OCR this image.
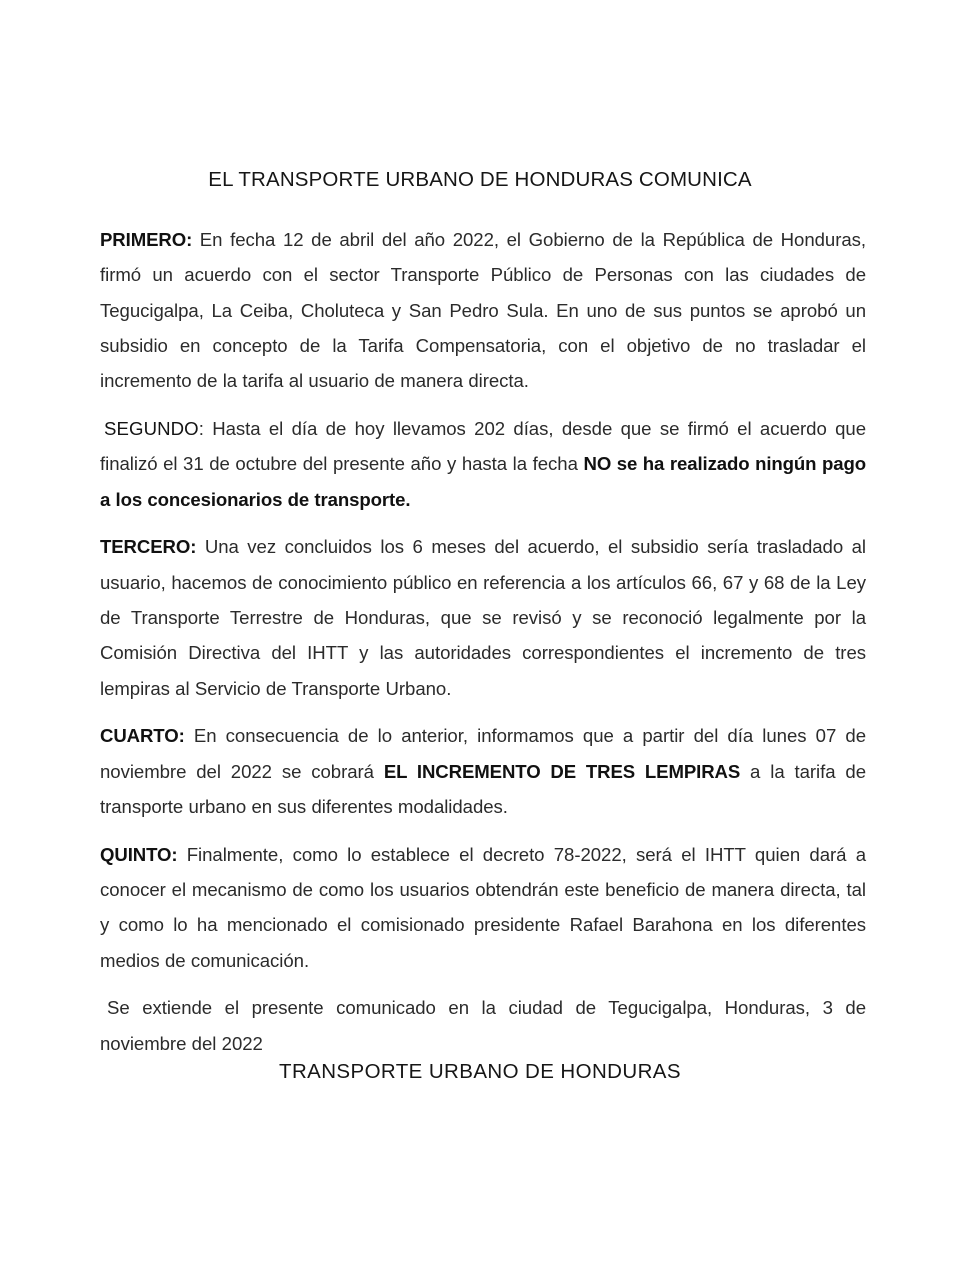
EL TRANSPORTE URBANO DE HONDURAS COMUNICA

PRIMERO: En fecha 12 de abril del año 2022, el Gobierno de la República de Honduras, firmó un acuerdo con el sector Transporte Público de Personas con las ciudades de Tegucigalpa, La Ceiba, Choluteca y San Pedro Sula. En uno de sus puntos se aprobó un subsidio en concepto de la Tarifa Compensatoria, con el objetivo de no trasladar el incremento de la tarifa al usuario de manera directa.

SEGUNDO: Hasta el día de hoy llevamos 202 días, desde que se firmó el acuerdo que finalizó el 31 de octubre del presente año y hasta la fecha NO se ha realizado ningún pago a los concesionarios de transporte.

TERCERO: Una vez concluidos los 6 meses del acuerdo, el subsidio sería trasladado al usuario, hacemos de conocimiento público en referencia a los artículos 66, 67 y 68 de la Ley de Transporte Terrestre de Honduras, que se revisó y se reconoció legalmente por la Comisión Directiva del IHTT y las autoridades correspondientes el incremento de tres lempiras al Servicio de Transporte Urbano.

CUARTO: En consecuencia de lo anterior, informamos que a partir del día lunes 07 de noviembre del 2022 se cobrará EL INCREMENTO DE TRES LEMPIRAS a la tarifa de transporte urbano en sus diferentes modalidades.

QUINTO: Finalmente, como lo establece el decreto 78-2022, será el IHTT quien dará a conocer el mecanismo de como los usuarios obtendrán este beneficio de manera directa, tal y como lo ha mencionado el comisionado presidente Rafael Barahona en los diferentes medios de comunicación.

Se extiende el presente comunicado en la ciudad de Tegucigalpa, Honduras, 3 de noviembre del 2022

TRANSPORTE URBANO DE HONDURAS
